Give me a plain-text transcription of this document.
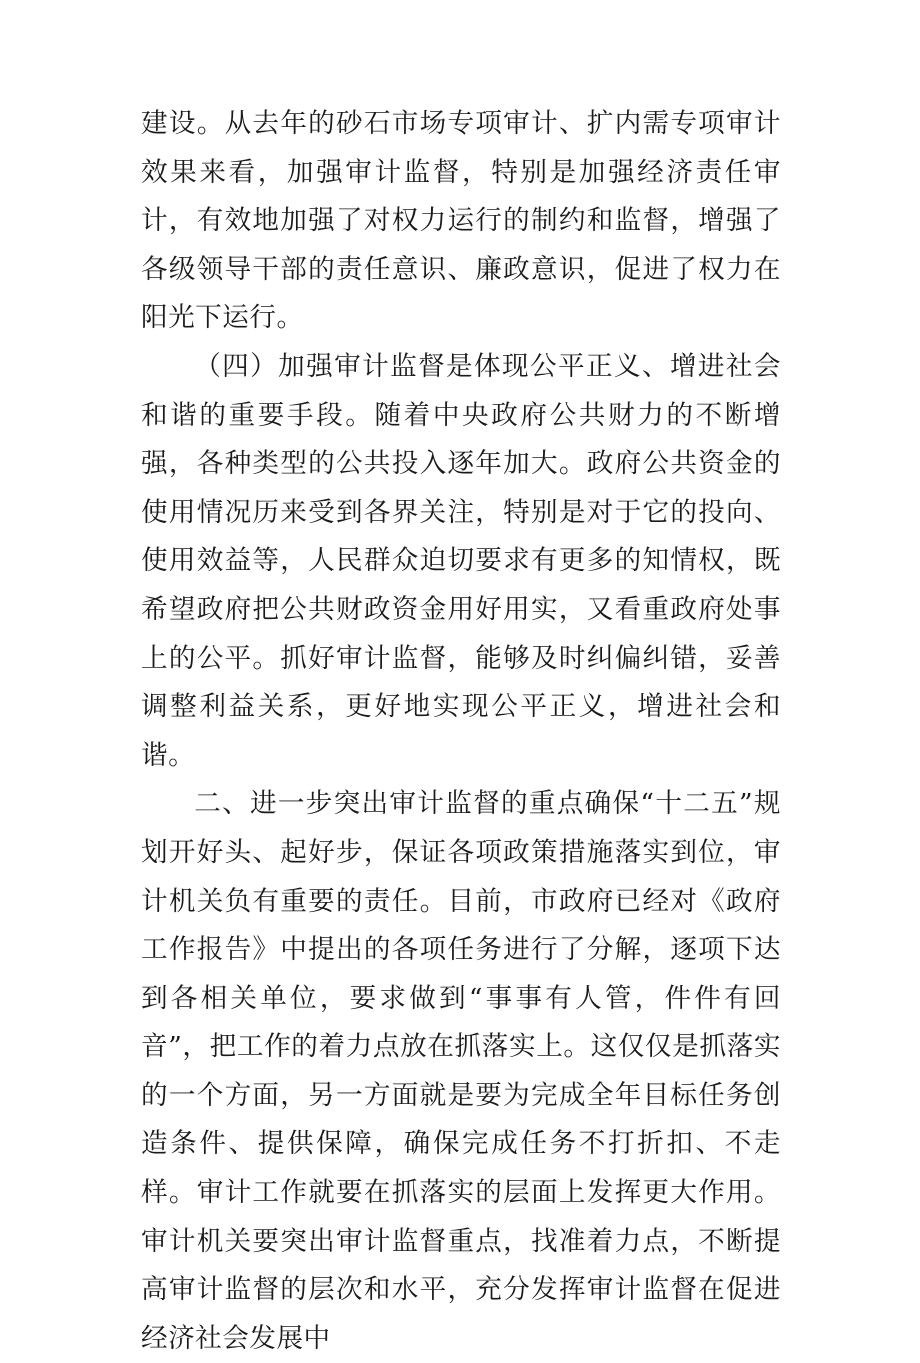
建设。从去年的砂石市场专项审计、扩内需专项审计效果来看，加强审计监督，特别是加强经济责任审计，有效地加强了对权力运行的制约和监督，增强了各级领导干部的责任意识、廉政意识，促进了权力在阳光下运行。

（四）加强审计监督是体现公平正义、增进社会和谐的重要手段。随着中央政府公共财力的不断增强，各种类型的公共投入逐年加大。政府公共资金的使用情况历来受到各界关注，特别是对于它的投向、使用效益等，人民群众迫切要求有更多的知情权，既希望政府把公共财政资金用好用实，又看重政府处事上的公平。抓好审计监督，能够及时纠偏纠错，妥善调整利益关系，更好地实现公平正义，增进社会和谐。

二、进一步突出审计监督的重点确保“十二五”规划开好头、起好步，保证各项政策措施落实到位，审计机关负有重要的责任。目前，市政府已经对《政府工作报告》中提出的各项任务进行了分解，逐项下达到各相关单位，要求做到“事事有人管，件件有回音”，把工作的着力点放在抓落实上。这仅仅是抓落实的一个方面，另一方面就是要为完成全年目标任务创造条件、提供保障，确保完成任务不打折扣、不走样。审计工作就要在抓落实的层面上发挥更大作用。审计机关要突出审计监督重点，找准着力点，不断提高审计监督的层次和水平，充分发挥审计监督在促进经济社会发展中
